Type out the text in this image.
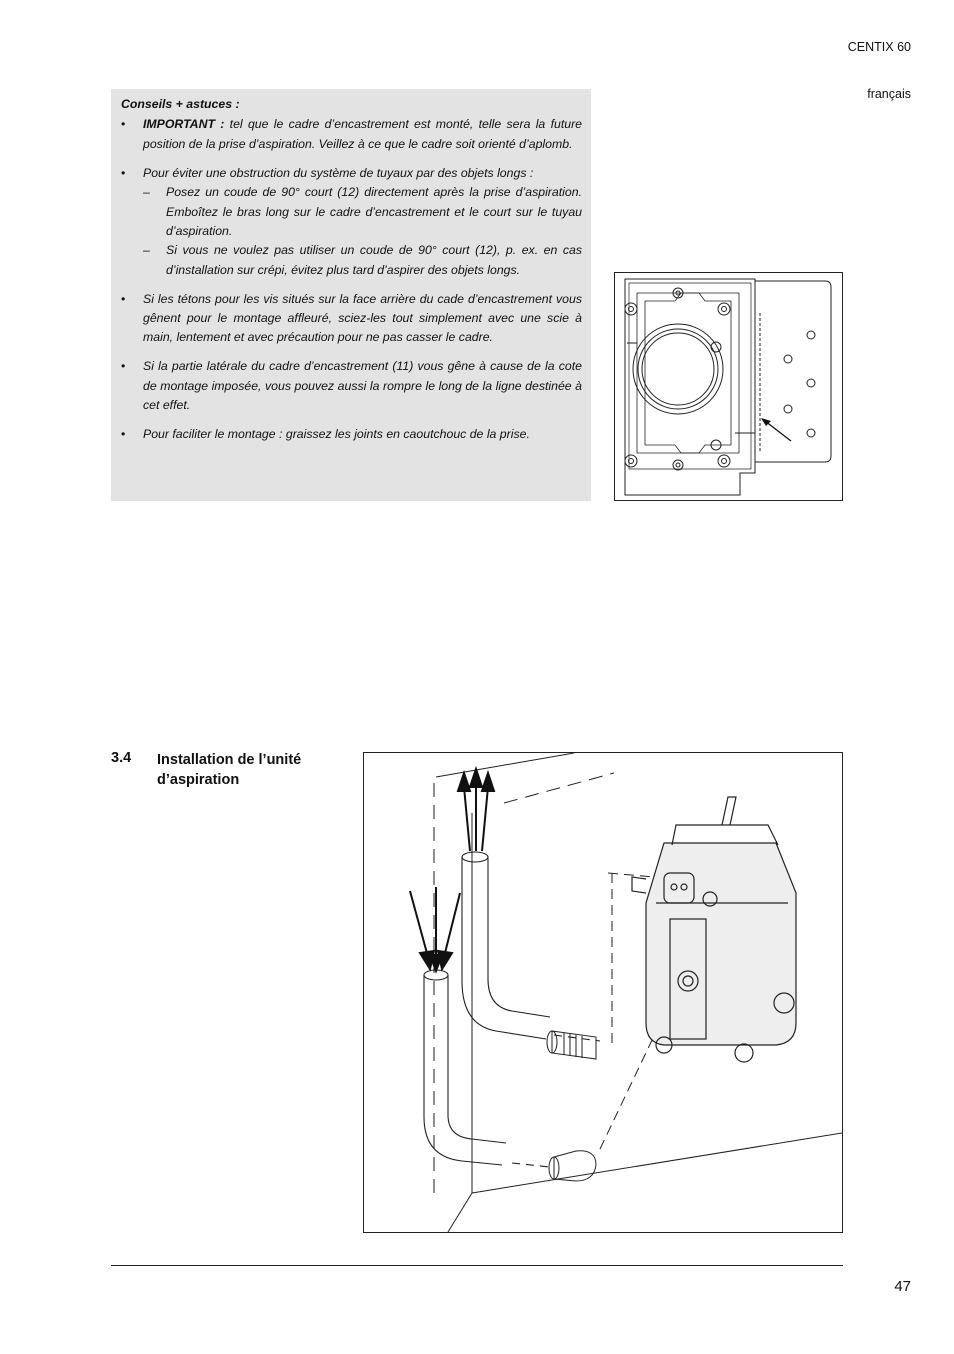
CENTIX 60
français
Conseils + astuces :
• IMPORTANT : tel que le cadre d’encastrement est monté, telle sera la future position de la prise d’aspiration. Veillez à ce que le cadre soit orienté d’aplomb.
• Pour éviter une obstruction du système de tuyaux par des objets longs :
– Posez un coude de 90° court (12) directement après la prise d’aspiration. Emboîtez le bras long sur le cadre d’encastrement et le court sur le tuyau d’aspiration.
– Si vous ne voulez pas utiliser un coude de 90° court (12), p. ex. en cas d’installation sur crépi, évitez plus tard d’aspirer des objets longs.
• Si les tétons pour les vis situés sur la face arrière du cade d’encastrement vous gênent pour le montage affleuré, sciez-les tout simplement avec une scie à main, lentement et avec précaution pour ne pas casser le cadre.
• Si la partie latérale du cadre d’encastrement (11) vous gêne à cause de la cote de montage imposée, vous pouvez aussi la rompre le long de la ligne destinée à cet effet.
• Pour faciliter le montage : graissez les joints en caoutchouc de la prise.
3.4 Installation de l’unité d’aspiration
47
